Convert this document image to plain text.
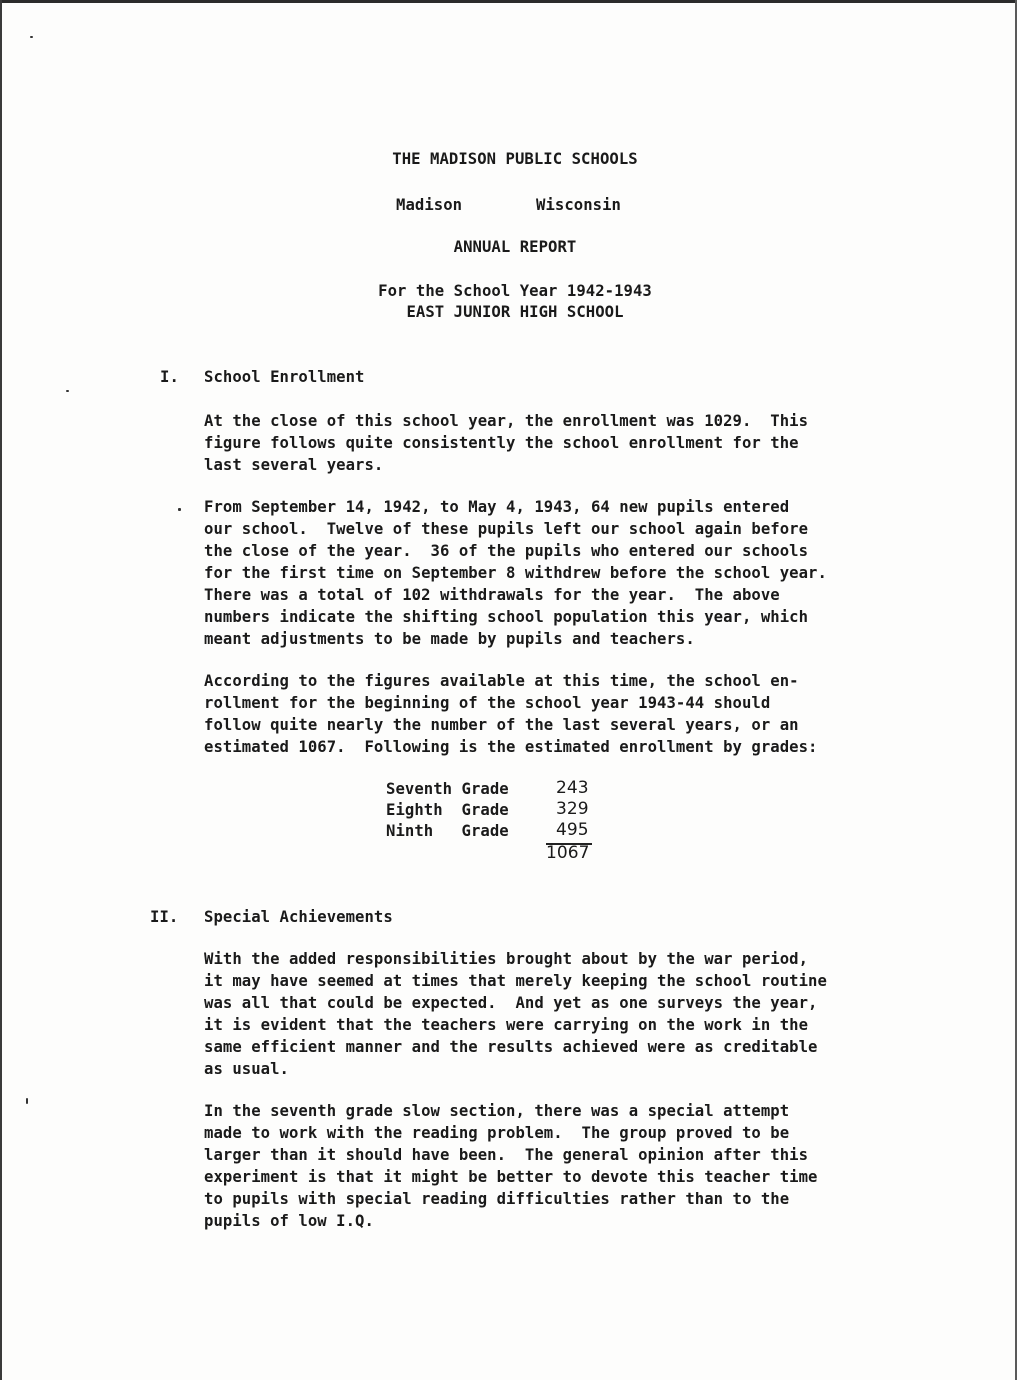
THE MADISON PUBLIC SCHOOLS
Madison	Wisconsin
ANNUAL REPORT
For the School Year 1942-1943
EAST JUNIOR HIGH SCHOOL
I. School Enrollment
At the close of this school year, the enrollment was 1029.  This
figure follows quite consistently the school enrollment for the
last several years.
From September 14, 1942, to May 4, 1943, 64 new pupils entered
our school.  Twelve of these pupils left our school again before
the close of the year.  36 of the pupils who entered our schools
for the first time on September 8 withdrew before the school year.
There was a total of 102 withdrawals for the year.  The above
numbers indicate the shifting school population this year, which
meant adjustments to be made by pupils and teachers.
According to the figures available at this time, the school en-
rollment for the beginning of the school year 1943-44 should
follow quite nearly the number of the last several years, or an
estimated 1067.  Following is the estimated enrollment by grades:
Seventh Grade	243
Eighth  Grade	329
Ninth   Grade	495
1067
II. Special Achievements
With the added responsibilities brought about by the war period,
it may have seemed at times that merely keeping the school routine
was all that could be expected.  And yet as one surveys the year,
it is evident that the teachers were carrying on the work in the
same efficient manner and the results achieved were as creditable
as usual.
In the seventh grade slow section, there was a special attempt
made to work with the reading problem.  The group proved to be
larger than it should have been.  The general opinion after this
experiment is that it might be better to devote this teacher time
to pupils with special reading difficulties rather than to the
pupils of low I.Q.
